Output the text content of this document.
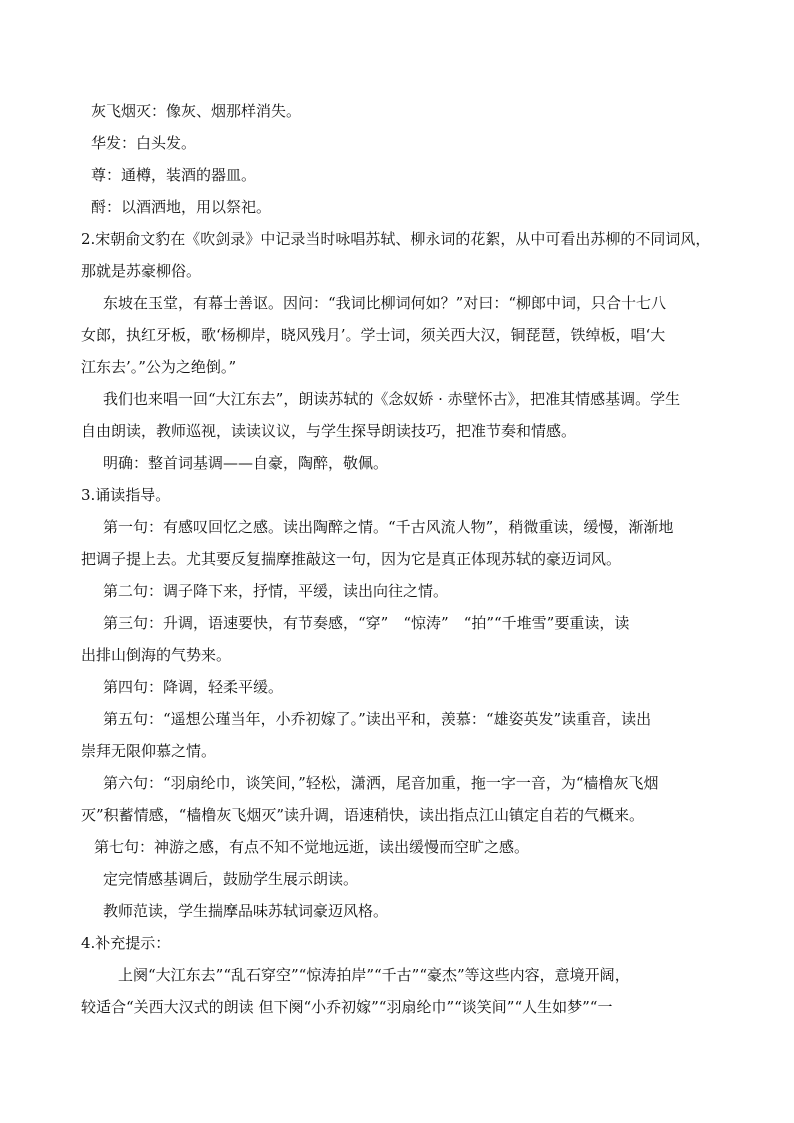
灰飞烟灭：像灰、烟那样消失。
华发：白头发。
尊：通樽，装酒的器皿。
酹：以酒洒地，用以祭祀。
2.宋朝俞文豹在《吹剑录》中记录当时咏唱苏轼、柳永词的花絮，从中可看出苏柳的不同词风，
那就是苏豪柳俗。
东坡在玉堂，有幕士善讴。因问：“我词比柳词何如？”对曰：“柳郎中词，只合十七八
女郎，执红牙板，歌‘杨柳岸，晓风残月’。学士词，须关西大汉，铜琵琶，铁绰板，唱‘大
江东去’。”公为之绝倒。”
我们也来唱一回“大江东去”，朗读苏轼的《念奴娇 · 赤壁怀古》，把准其情感基调。学生
自由朗读，教师巡视，读读议议，与学生探导朗读技巧，把准节奏和情感。
明确：整首词基调——自豪，陶醉，敬佩。
3.诵读指导。
第一句：有感叹回忆之感。读出陶醉之情。“千古风流人物”，稍微重读，缓慢，渐渐地
把调子提上去。尤其要反复揣摩推敲这一句，因为它是真正体现苏轼的豪迈词风。
第二句：调子降下来，抒情，平缓，读出向往之情。
第三句：升调，语速要快，有节奏感，“穿”　“惊涛”　“拍”“千堆雪”要重读，读
出排山倒海的气势来。
第四句：降调，轻柔平缓。
第五句：“遥想公瑾当年，小乔初嫁了。”读出平和，羡慕：“雄姿英发”读重音，读出
崇拜无限仰慕之情。
第六句：“羽扇纶巾，谈笑间，”轻松，潇洒，尾音加重，拖一字一音，为“樯橹灰飞烟
灭”积蓄情感，“樯橹灰飞烟灭”读升调，语速稍快，读出指点江山镇定自若的气概来。
第七句：神游之感，有点不知不觉地远逝，读出缓慢而空旷之感。
定完情感基调后，鼓励学生展示朗读。
教师范读，学生揣摩品味苏轼词豪迈风格。
4.补充提示：
上阕“大江东去”“乱石穿空”“惊涛拍岸”“千古”“豪杰”等这些内容，意境开阔，
较适合“关西大汉式的朗读 但下阕“小乔初嫁”“羽扇纶巾”“谈笑间”“人生如梦”“一
